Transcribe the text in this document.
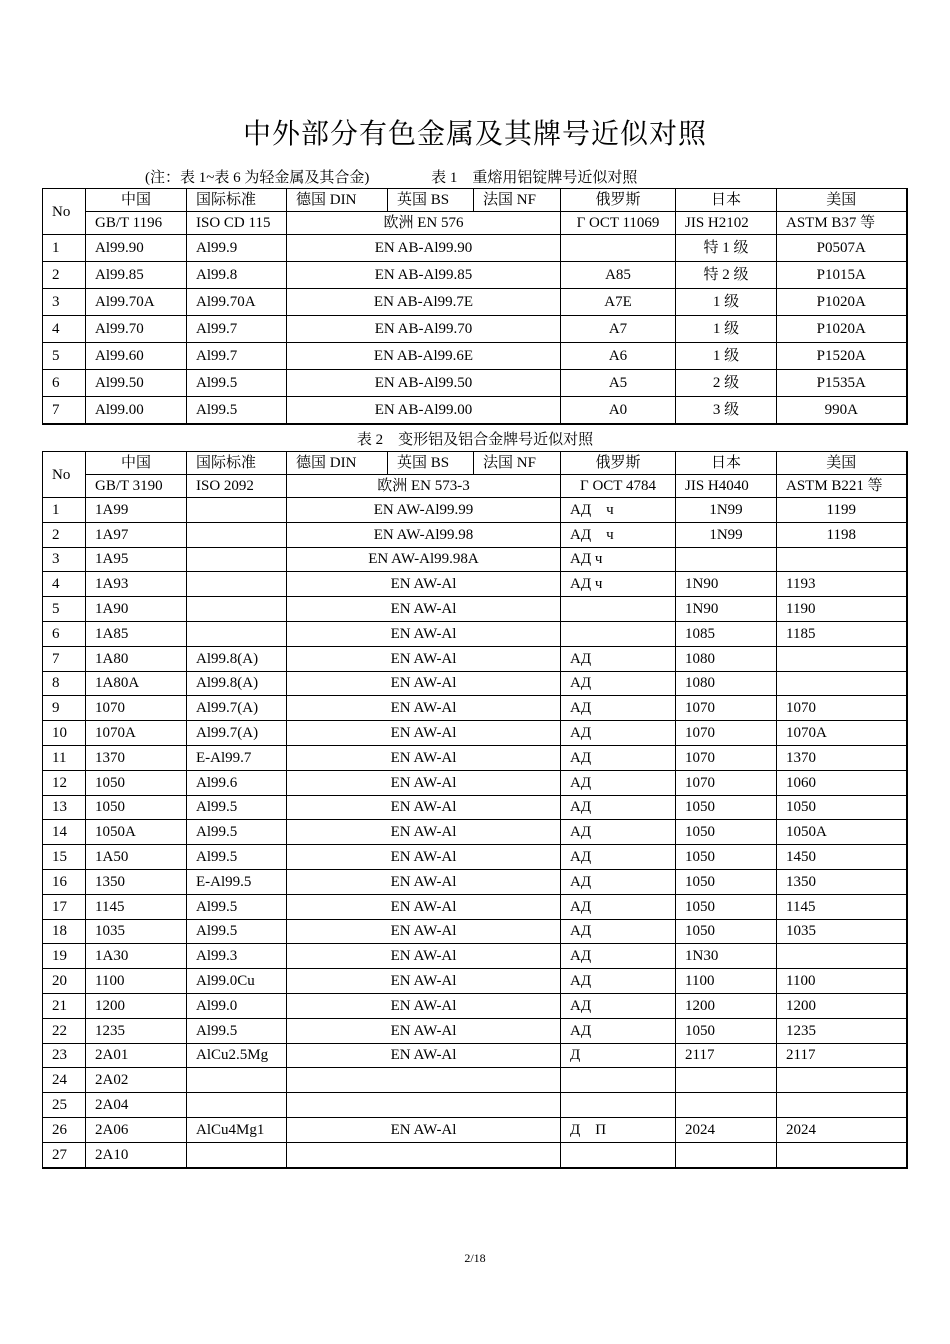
中外部分有色金属及其牌号近似对照
(注：表 1~表 6 为轻金属及其合金)	表 1　重熔用铝锭牌号近似对照
No	中国	国际标准	德国 DIN	英国 BS	法国 NF	俄罗斯	日本	美国
	GB/T 1196	ISO CD 115	欧洲 EN 576			Г OCT 11069	JIS H2102	ASTM B37 等
1	Al99.90	Al99.9	EN AB-Al99.90				特 1 级	P0507A
2	Al99.85	Al99.8	EN AB-Al99.85			A85	特 2 级	P1015A
3	Al99.70A	Al99.70A	EN AB-Al99.7E			A7E	1 级	P1020A
4	Al99.70	Al99.7	EN AB-Al99.70			A7	1 级	P1020A
5	Al99.60	Al99.7	EN AB-Al99.6E			A6	1 级	P1520A
6	Al99.50	Al99.5	EN AB-Al99.50			A5	2 级	P1535A
7	Al99.00	Al99.5	EN AB-Al99.00			A0	3 级	990A
表 2　变形铝及铝合金牌号近似对照
No	中国	国际标准	德国 DIN	英国 BS	法国 NF	俄罗斯	日本	美国
	GB/T 3190	ISO 2092	欧洲 EN 573-3			Г OCT 4784	JIS H4040	ASTM B221 等
1	1A99		EN AW-Al99.99			АД　ч	1N99	1199
2	1A97		EN AW-Al99.98			АД　ч	1N99	1198
3	1A95		EN AW-Al99.98A			АД ч		
4	1A93		EN AW-Al			АД ч	1N90	1193
5	1A90		EN AW-Al				1N90	1190
6	1A85		EN AW-Al				1085	1185
7	1A80	Al99.8(A)	EN AW-Al			АД	1080	
8	1A80A	Al99.8(A)	EN AW-Al			АД	1080	
9	1070	Al99.7(A)	EN AW-Al			АД	1070	1070
10	1070A	Al99.7(A)	EN AW-Al			АД	1070	1070A
11	1370	E-Al99.7	EN AW-Al			АД	1070	1370
12	1050	Al99.6	EN AW-Al			АД	1070	1060
13	1050	Al99.5	EN AW-Al			АД	1050	1050
14	1050A	Al99.5	EN AW-Al			АД	1050	1050A
15	1A50	Al99.5	EN AW-Al			АД	1050	1450
16	1350	E-Al99.5	EN AW-Al			АД	1050	1350
17	1145	Al99.5	EN AW-Al			АД	1050	1145
18	1035	Al99.5	EN AW-Al			АД	1050	1035
19	1A30	Al99.3	EN AW-Al			АД	1N30	
20	1100	Al99.0Cu	EN AW-Al			АД	1100	1100
21	1200	Al99.0	EN AW-Al			АД	1200	1200
22	1235	Al99.5	EN AW-Al			АД	1050	1235
23	2A01	AlCu2.5Mg	EN AW-Al			Д	2117	2117
24	2A02							
25	2A04							
26	2A06	AlCu4Mg1	EN AW-Al			Д　П	2024	2024
27	2A10							
2/18
